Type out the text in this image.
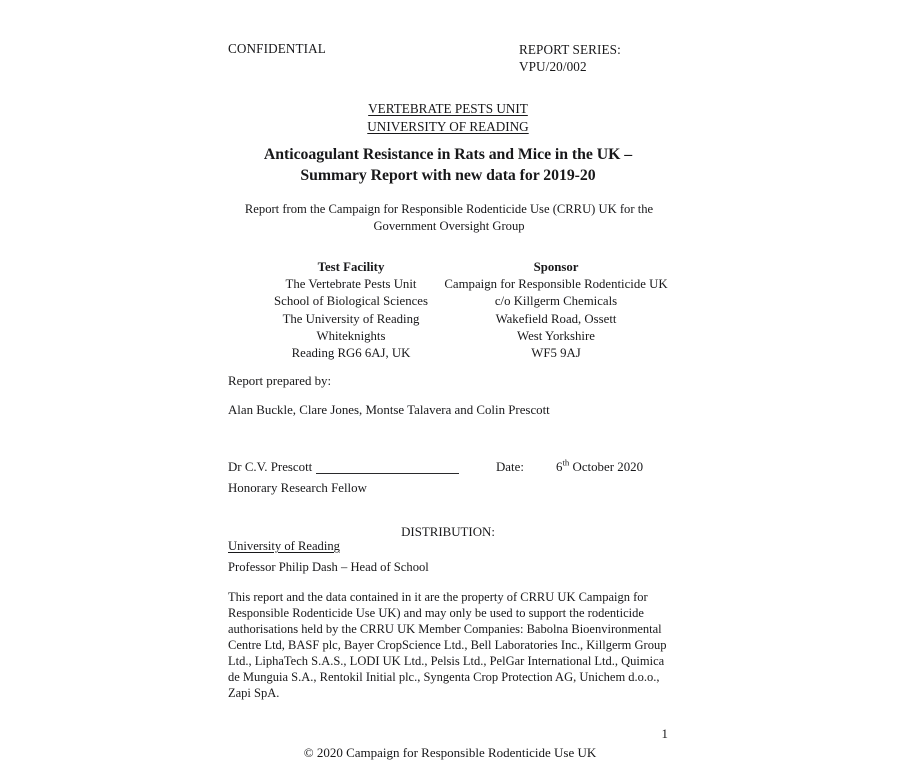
CONFIDENTIAL	REPORT SERIES:
VPU/20/002
VERTEBRATE PESTS UNIT
UNIVERSITY OF READING
Anticoagulant Resistance in Rats and Mice in the UK –
Summary Report with new data for 2019-20
Report from the Campaign for Responsible Rodenticide Use (CRRU) UK for the
Government Oversight Group
Test Facility
The Vertebrate Pests Unit
School of Biological Sciences
The University of Reading
Whiteknights
Reading RG6 6AJ, UK
Sponsor
Campaign for Responsible Rodenticide UK
c/o Killgerm Chemicals
Wakefield Road, Ossett
West Yorkshire
WF5 9AJ
Report prepared by:
Alan Buckle, Clare Jones, Montse Talavera and Colin Prescott
Dr C.V. Prescott
Honorary Research Fellow
Date: 6th October 2020
DISTRIBUTION:
University of Reading
Professor Philip Dash – Head of School
This report and the data contained in it are the property of CRRU UK Campaign for Responsible Rodenticide Use UK) and may only be used to support the rodenticide authorisations held by the CRRU UK Member Companies: Babolna Bioenvironmental Centre Ltd, BASF plc, Bayer CropScience Ltd., Bell Laboratories Inc., Killgerm Group Ltd., LiphaTech S.A.S., LODI UK Ltd., Pelsis Ltd., PelGar International Ltd., Quimica de Munguia S.A., Rentokil Initial plc., Syngenta Crop Protection AG, Unichem d.o.o., Zapi SpA.
1
© 2020 Campaign for Responsible Rodenticide Use UK
